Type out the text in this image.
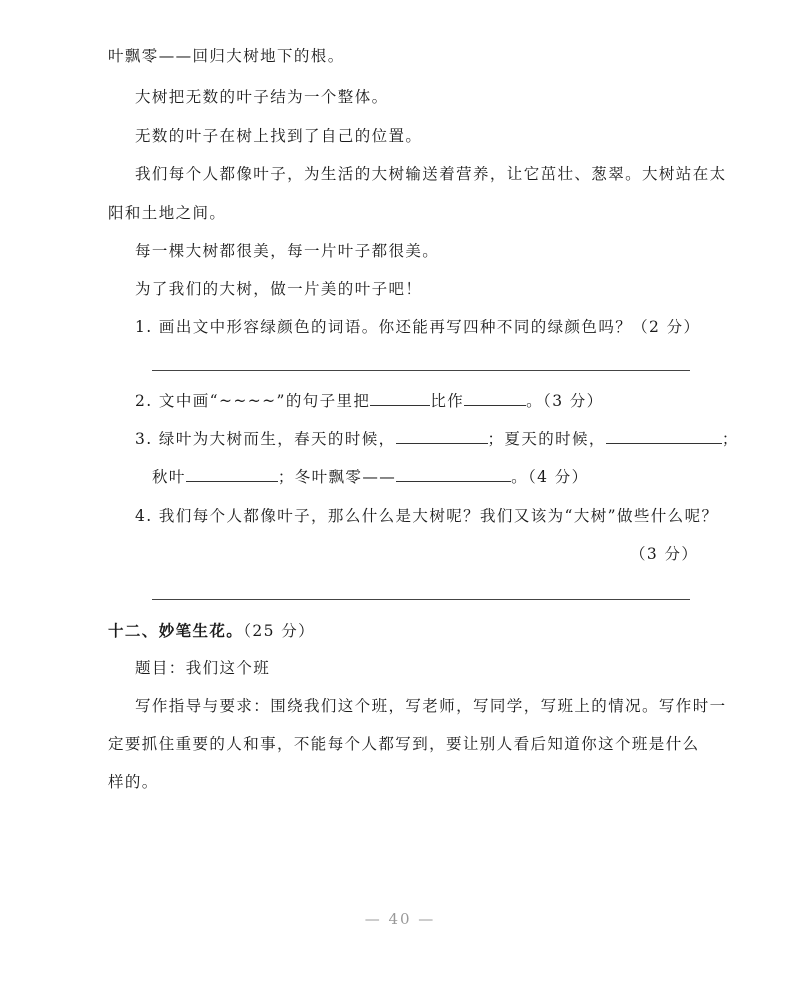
叶飘零——回归大树地下的根。
大树把无数的叶子结为一个整体。
无数的叶子在树上找到了自己的位置。
我们每个人都像叶子，为生活的大树输送着营养，让它茁壮、葱翠。大树站在太
阳和土地之间。
每一棵大树都很美，每一片叶子都很美。
为了我们的大树，做一片美的叶子吧！
1. 画出文中形容绿颜色的词语。你还能再写四种不同的绿颜色吗？（2 分）
2. 文中画“~~~~”的句子里把	比作	。（3 分）
3. 绿叶为大树而生，春天的时候，	；夏天的时候，	；
秋叶	；冬叶飘零——	。（4 分）
4. 我们每个人都像叶子，那么什么是大树呢？我们又该为“大树”做些什么呢？
（3 分）
十二、妙笔生花。（25 分）
题目：我们这个班
写作指导与要求：围绕我们这个班，写老师，写同学，写班上的情况。写作时一
定要抓住重要的人和事，不能每个人都写到，要让别人看后知道你这个班是什么
样的。
— 40 —
